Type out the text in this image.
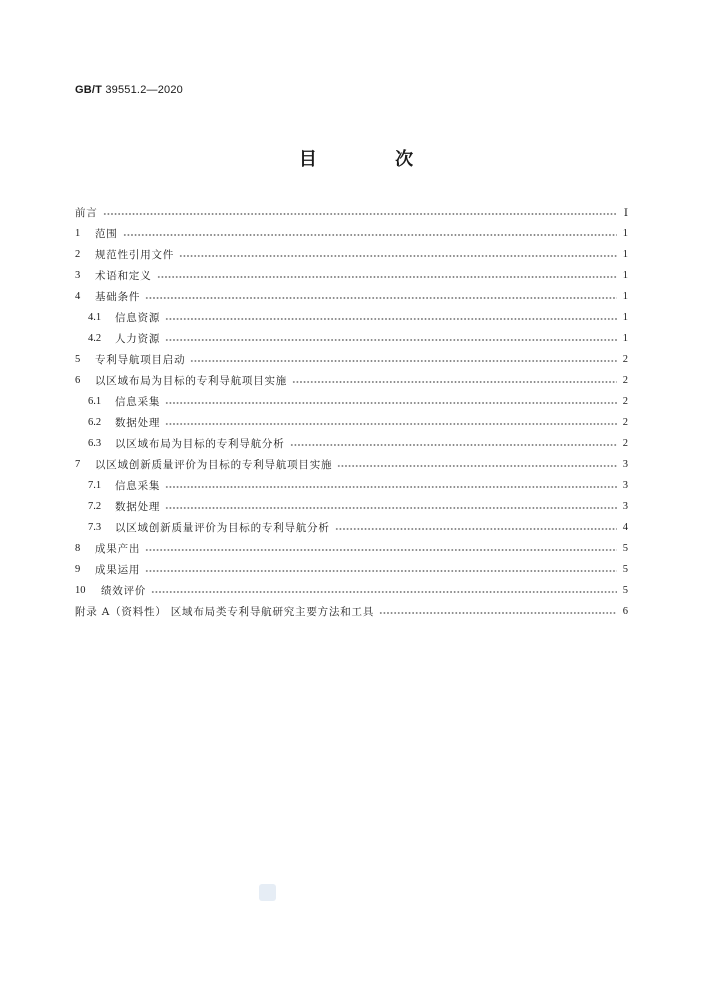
GB/T 39551.2—2020
目 次
前言	Ⅰ
1	范围	1
2	规范性引用文件	1
3	术语和定义	1
4	基础条件	1
4.1	信息资源	1
4.2	人力资源	1
5	专利导航项目启动	2
6	以区域布局为目标的专利导航项目实施	2
6.1	信息采集	2
6.2	数据处理	2
6.3	以区域布局为目标的专利导航分析	2
7	以区域创新质量评价为目标的专利导航项目实施	3
7.1	信息采集	3
7.2	数据处理	3
7.3	以区域创新质量评价为目标的专利导航分析	4
8	成果产出	5
9	成果运用	5
10	绩效评价	5
附录 A（资料性） 区域布局类专利导航研究主要方法和工具	6
